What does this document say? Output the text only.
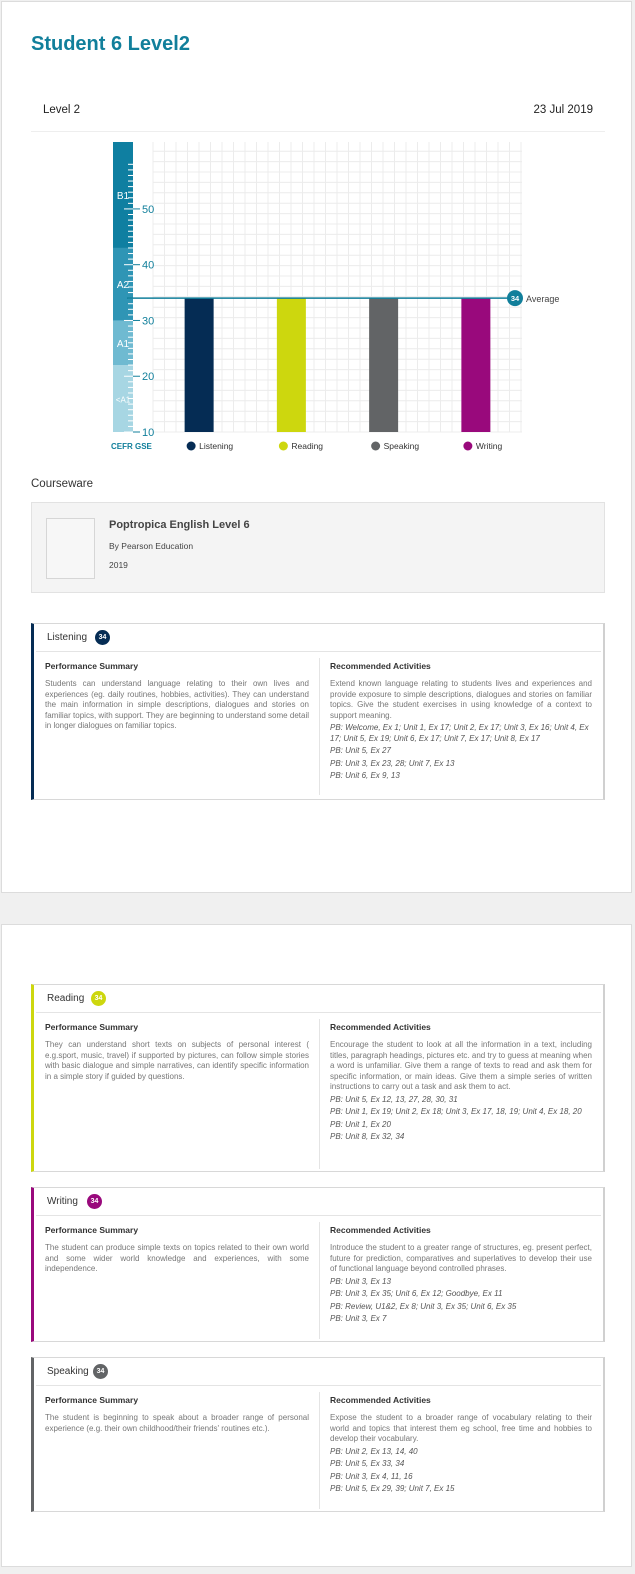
Student 6 Level2
Level 2	23 Jul 2019
<A1
A1
A2
B1
10
20
30
40
50
34 Average
CEFR GSE	Listening	Reading	Speaking	Writing
Courseware
Poptropica English Level 6
By Pearson Education
2019
Listening	34
Performance Summary
Students can understand language relating to their own lives and experiences (eg. daily routines, hobbies, activities). They can understand the main information in simple descriptions, dialogues and stories on familiar topics, with support. They are beginning to understand some detail in longer dialogues on familiar topics.
Recommended Activities
Extend known language relating to students lives and experiences and provide exposure to simple descriptions, dialogues and stories on familiar topics. Give the student exercises in using knowledge of a context to support meaning.
PB: Welcome, Ex 1; Unit 1, Ex 17; Unit 2, Ex 17; Unit 3, Ex 16; Unit 4, Ex 17; Unit 5, Ex 19; Unit 6, Ex 17; Unit 7, Ex 17; Unit 8, Ex 17
PB: Unit 5, Ex 27
PB: Unit 3, Ex 23, 28; Unit 7, Ex 13
PB: Unit 6, Ex 9, 13
Reading	34
Performance Summary
They can understand short texts on subjects of personal interest ( e.g.sport, music, travel) if supported by pictures, can follow simple stories with basic dialogue and simple narratives, can identify specific information in a simple story if guided by questions.
Recommended Activities
Encourage the student to look at all the information in a text, including titles, paragraph headings, pictures etc. and try to guess at meaning when a word is unfamiliar. Give them a range of texts to read and ask them for specific information, or main ideas. Give them a simple series of written instructions to carry out a task and ask them to act.
PB: Unit 5, Ex 12, 13, 27, 28, 30, 31
PB: Unit 1, Ex 19; Unit 2, Ex 18; Unit 3, Ex 17, 18, 19; Unit 4, Ex 18, 20
PB: Unit 1, Ex 20
PB: Unit 8, Ex 32, 34
Writing	34
Performance Summary
The student can produce simple texts on topics related to their own world and some wider world knowledge and experiences, with some independence.
Recommended Activities
Introduce the student to a greater range of structures, eg. present perfect, future for prediction, comparatives and superlatives to develop their use of functional language beyond controlled phrases.
PB: Unit 3, Ex 13
PB: Unit 3, Ex 35; Unit 6, Ex 12; Goodbye, Ex 11
PB: Review, U1&2, Ex 8; Unit 3, Ex 35; Unit 6, Ex 35
PB: Unit 3, Ex 7
Speaking	34
Performance Summary
The student is beginning to speak about a broader range of personal experience (e.g. their own childhood/their friends' routines etc.).
Recommended Activities
Expose the student to a broader range of vocabulary relating to their world and topics that interest them eg school, free time and hobbies to develop their vocabulary.
PB: Unit 2, Ex 13, 14, 40
PB: Unit 5, Ex 33, 34
PB: Unit 3, Ex 4, 11, 16
PB: Unit 5, Ex 29, 39; Unit 7, Ex 15
